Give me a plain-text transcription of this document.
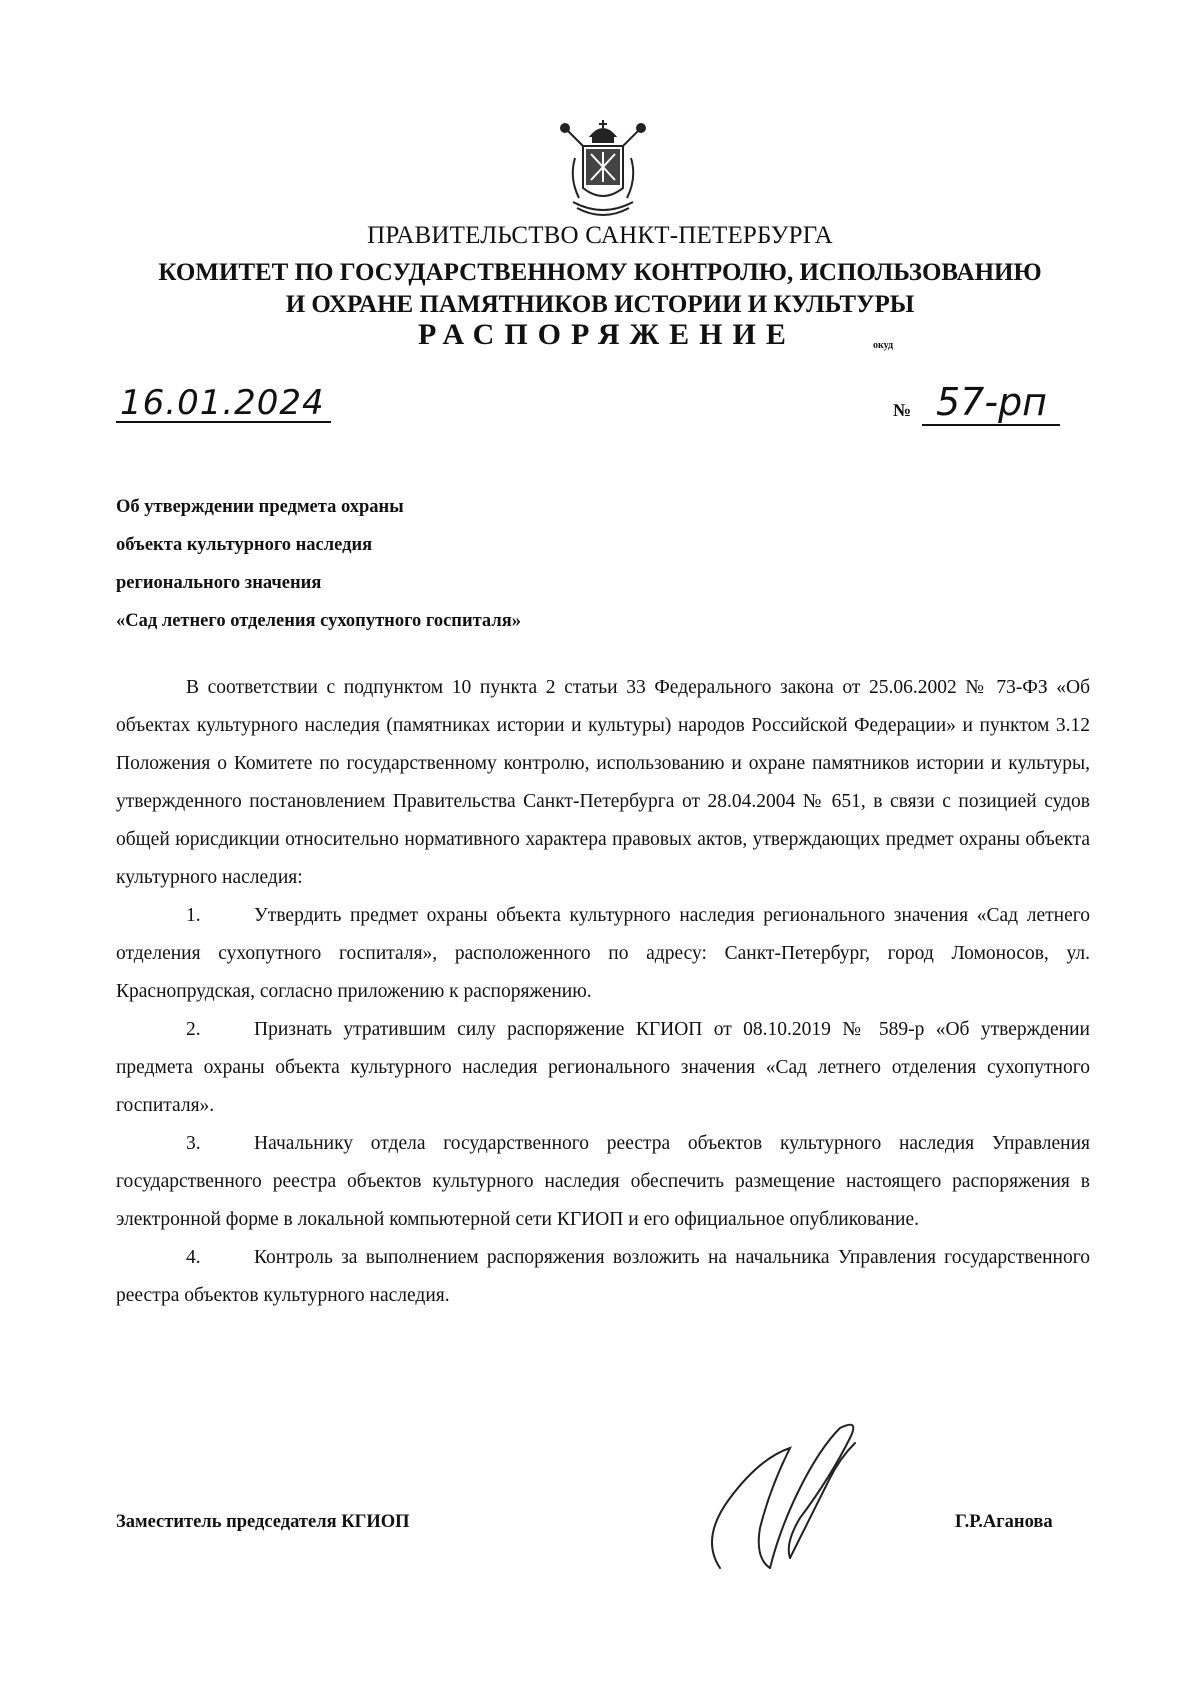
ПРАВИТЕЛЬСТВО САНКТ-ПЕТЕРБУРГА
КОМИТЕТ ПО ГОСУДАРСТВЕННОМУ КОНТРОЛЮ, ИСПОЛЬЗОВАНИЮ
И ОХРАНЕ ПАМЯТНИКОВ ИСТОРИИ И КУЛЬТУРЫ
РАСПОРЯЖЕНИЕ	окуд
16.01.2024	№ 57-рп
Об утверждении предмета охраны
объекта культурного наследия
регионального значения
«Сад летнего отделения сухопутного госпиталя»

В соответствии с подпунктом 10 пункта 2 статьи 33 Федерального закона от 25.06.2002 № 73-ФЗ «Об объектах культурного наследия (памятниках истории и культуры) народов Российской Федерации» и пунктом 3.12 Положения о Комитете по государственному контролю, использованию и охране памятников истории и культуры, утвержденного постановлением Правительства Санкт-Петербурга от 28.04.2004 № 651, в связи с позицией судов общей юрисдикции относительно нормативного характера правовых актов, утверждающих предмет охраны объекта культурного наследия:

1.	Утвердить предмет охраны объекта культурного наследия регионального значения «Сад летнего отделения сухопутного госпиталя», расположенного по адресу: Санкт-Петербург, город Ломоносов, ул. Краснопрудская, согласно приложению к распоряжению.

2.	Признать утратившим силу распоряжение КГИОП от 08.10.2019 № 589-р «Об утверждении предмета охраны объекта культурного наследия регионального значения «Сад летнего отделения сухопутного госпиталя».

3.	Начальнику отдела государственного реестра объектов культурного наследия Управления государственного реестра объектов культурного наследия обеспечить размещение настоящего распоряжения в электронной форме в локальной компьютерной сети КГИОП и его официальное опубликование.

4.	Контроль за выполнением распоряжения возложить на начальника Управления государственного реестра объектов культурного наследия.

Заместитель председателя КГИОП	Г.Р.Аганова
